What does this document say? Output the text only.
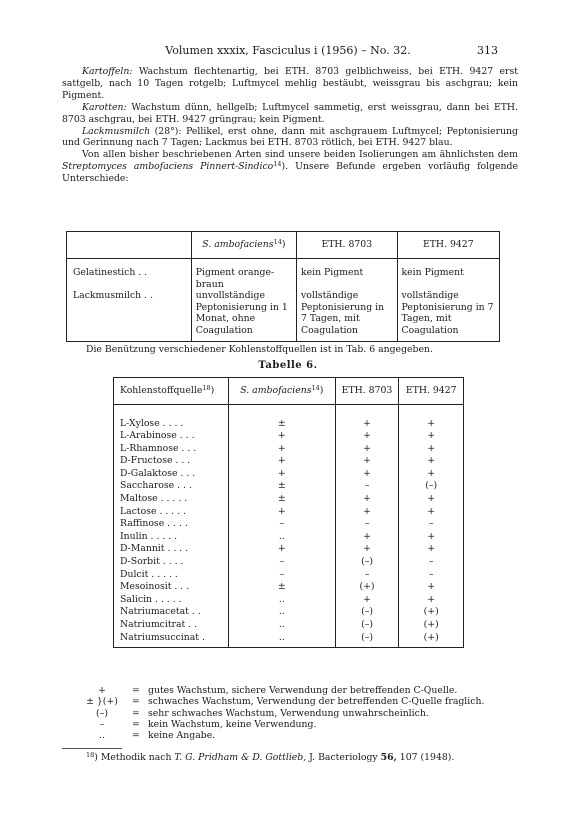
Volumen xxxix, Fasciculus i (1956) – No. 32.	313

Kartoffeln: Wachstum flechtenartig, bei ETH. 8703 gelblichweiss, bei ETH. 9427 erst sattgelb, nach 10 Tagen rotgelb; Luftmycel mehlig bestäubt, weissgrau bis aschgrau; kein Pigment.

Karotten: Wachstum dünn, hellgelb; Luftmycel sammetig, erst weissgrau, dann bei ETH. 8703 aschgrau, bei ETH. 9427 grüngrau; kein Pigment.

Lackmusmilch (28°): Pellikel, erst ohne, dann mit aschgrauem Luftmycel; Peptonisierung und Gerinnung nach 7 Tagen; Lackmus bei ETH. 8703 rötlich, bei ETH. 9427 blau.

Von allen bisher beschriebenen Arten sind unsere beiden Isolierungen am ähnlichsten dem Streptomyces ambofaciens Pinnert-Sindico$^{14}$). Unsere Befunde ergeben vorläufig folgende Unterschiede:

	S. ambofaciens$^{14}$)	ETH. 8703	ETH. 9427
Gelatinestich . .	Pigment orange-braun	kein Pigment	kein Pigment
Lackmusmilch . .	unvollständige Peptonisierung in 1 Monat, ohne Coagulation	vollständige Peptonisierung in 7 Tagen, mit Coagulation	vollständige Peptonisierung in 7 Tagen, mit Coagulation
Die Benützung verschiedener Kohlenstoffquellen ist in Tab. 6 angegeben.
Tabelle 6.
Kohlenstoffquelle$^{18}$)	S. ambofaciens$^{14}$)	ETH. 8703	ETH. 9427

L-Xylose . . . .	±	+	+
L-Arabinose . . .	+	+	+
L-Rhamnose . . .	+	+	+
D-Fructose . . .	+	+	+
D-Galaktose . . .	+	+	+
Saccharose . . .	±	–	(–)
Maltose . . . . .	±	+	+
Lactose . . . . .	+	+	+
Raffinose . . . .	–	–	–
Inulin . . . . .	..	+	+
D-Mannit . . . .	+	+	+
D-Sorbit . . . .	–	(–)	–
Dulcit . . . . .	–	–	–
Mesoinosit . . .	±	(+)	+
Salicin . . . . .	..	+	+
Natriumacetat . .	..	(–)	(+)
Natriumcitrat . .	..	(–)	(+)
Natriumsuccinat .	..	(–)	(+)
+	= gutes Wachstum, sichere Verwendung der betreffenden C-Quelle.
± }(+) = schwaches Wachstum, Verwendung der betreffenden C-Quelle fraglich.
(–)	= sehr schwaches Wachstum, Verwendung unwahrscheinlich.
–	= kein Wachstum, keine Verwendung.
..	= keine Angabe.
$^{18}$) Methodik nach T. G. Pridham & D. Gottlieb, J. Bacteriology 56, 107 (1948).
